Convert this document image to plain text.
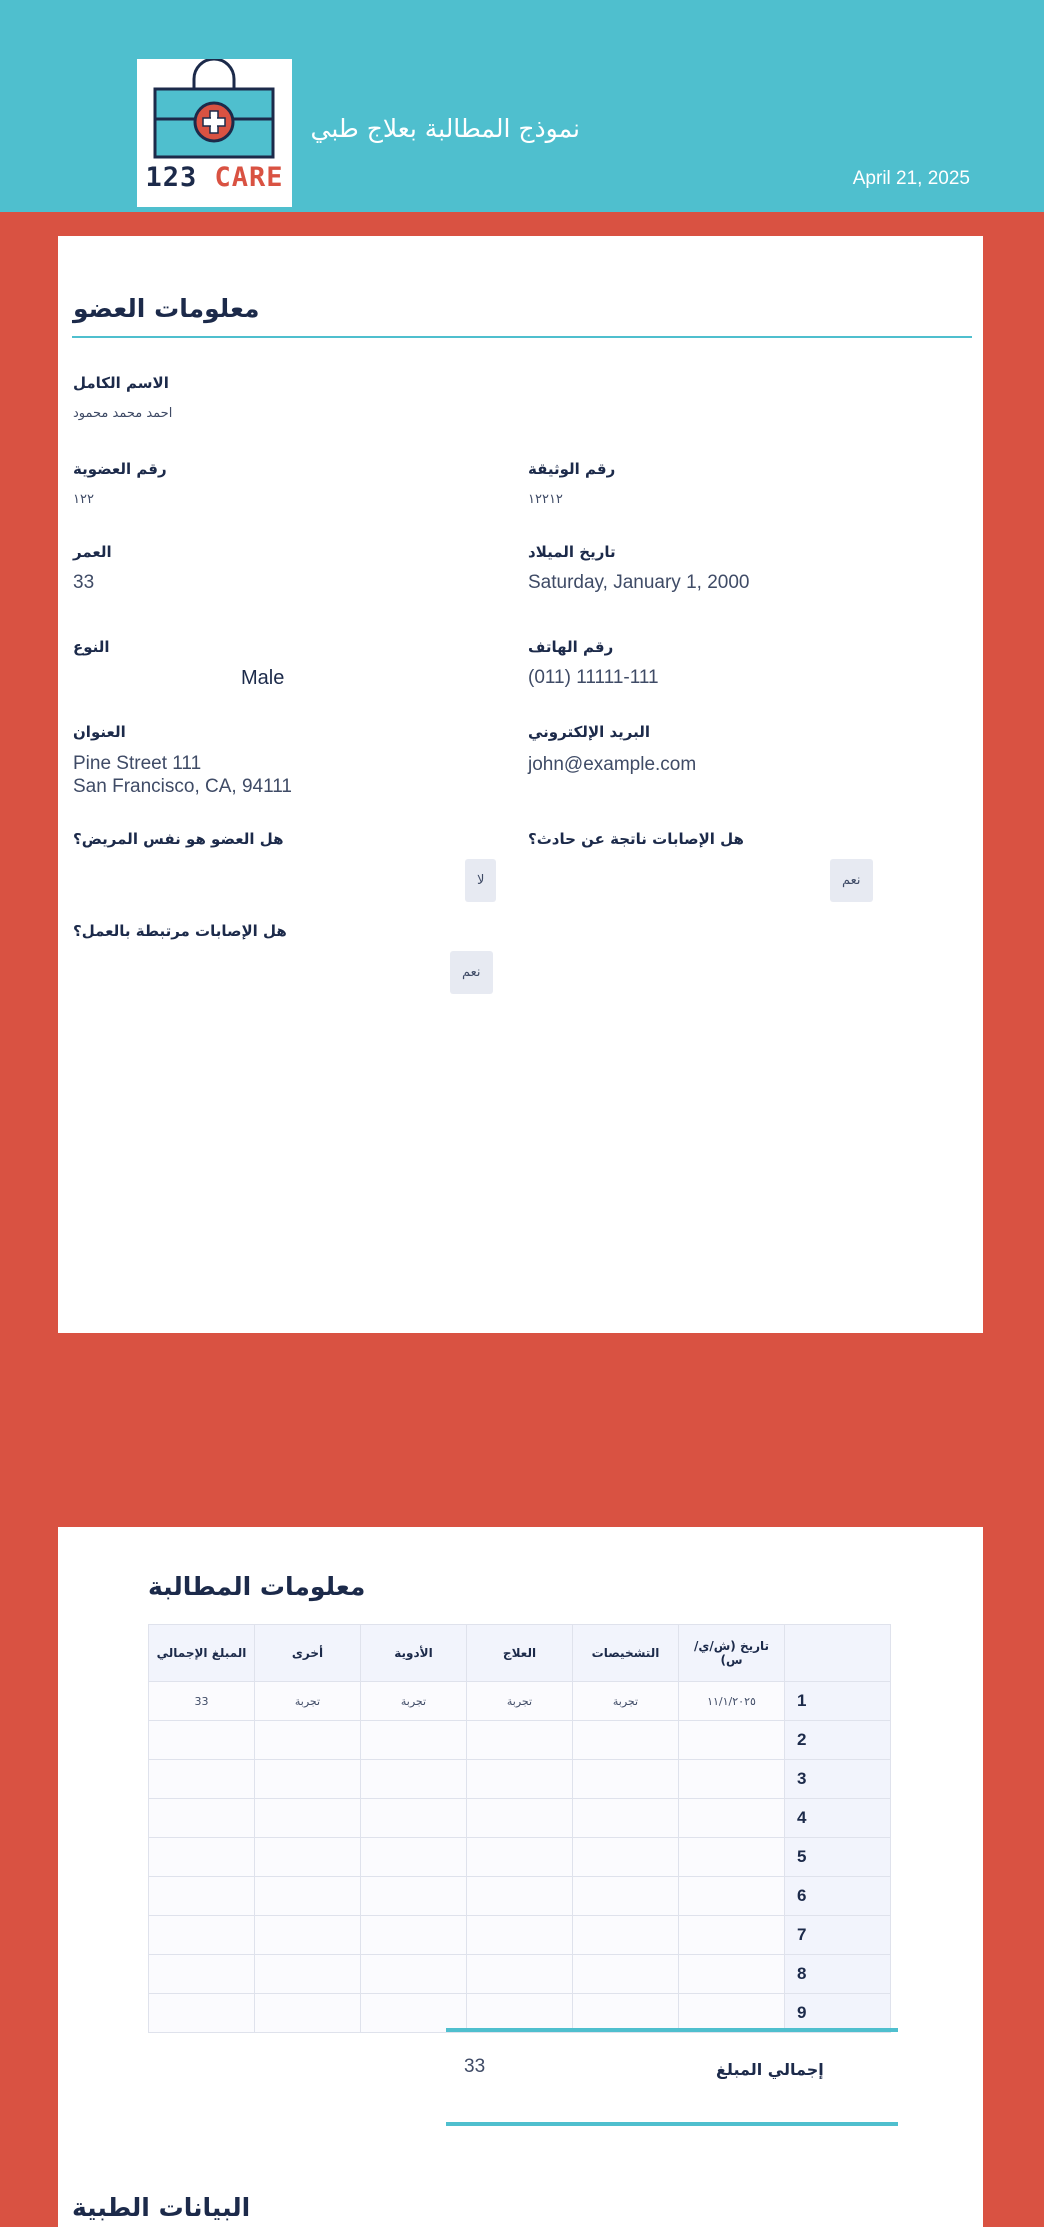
123 CARE
نموذج المطالبة بعلاج طبي
April 21, 2025
معلومات العضو
الاسم الكامل
احمد محمد محمود
رقم العضوية
١٢٢
رقم الوثيقة
١٢٢١٢
العمر
33
تاريخ الميلاد
Saturday, January 1, 2000
النوع
Male
رقم الهاتف
(011) 11111-111
العنوان
Pine Street 111
San Francisco, CA, 94111
البريد الإلكتروني
john@example.com
هل العضو هو نفس المريض؟
لا
هل الإصابات ناتجة عن حادث؟
نعم
هل الإصابات مرتبطة بالعمل؟
نعم
معلومات المطالبة
المبلغ الإجمالي	أخرى	الأدوية	العلاج	التشخيصات	تاريخ (ش/ي/س)	
33	تجربة	تجربة	تجربة	تجربة	١١/١/٢٠٢٥	1
						2
						3
						4
						5
						6
						7
						8
						9
إجمالي المبلغ
33
البيانات الطبية
